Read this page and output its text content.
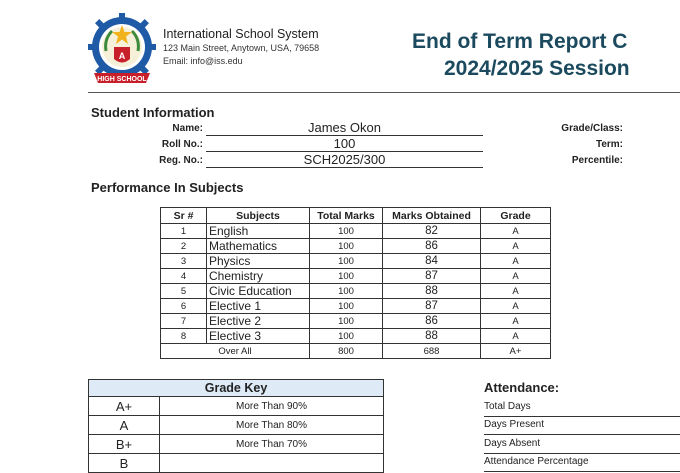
A
HIGH SCHOOL
International School System
123 Main Street, Anytown, USA, 79658
Email: info@iss.edu
End of Term Report C
2024/2025 Session
Student Information
Name:	James Okon
Roll No.:	100
Reg. No.:	SCH2025/300
Grade/Class:
Term:
Percentile:
Performance In Subjects
Sr #	Subjects	Total Marks	Marks Obtained	Grade
1	English	100	82	A
2	Mathematics	100	86	A
3	Physics	100	84	A
4	Chemistry	100	87	A
5	Civic Education	100	88	A
6	Elective 1	100	87	A
7	Elective 2	100	86	A
8	Elective 3	100	88	A
Over All		800	688	A+
Grade Key	
A+	More Than 90%
A	More Than 80%
B+	More Than 70%
B	
Attendance:
Total Days
Days Present
Days Absent
Attendance Percentage
